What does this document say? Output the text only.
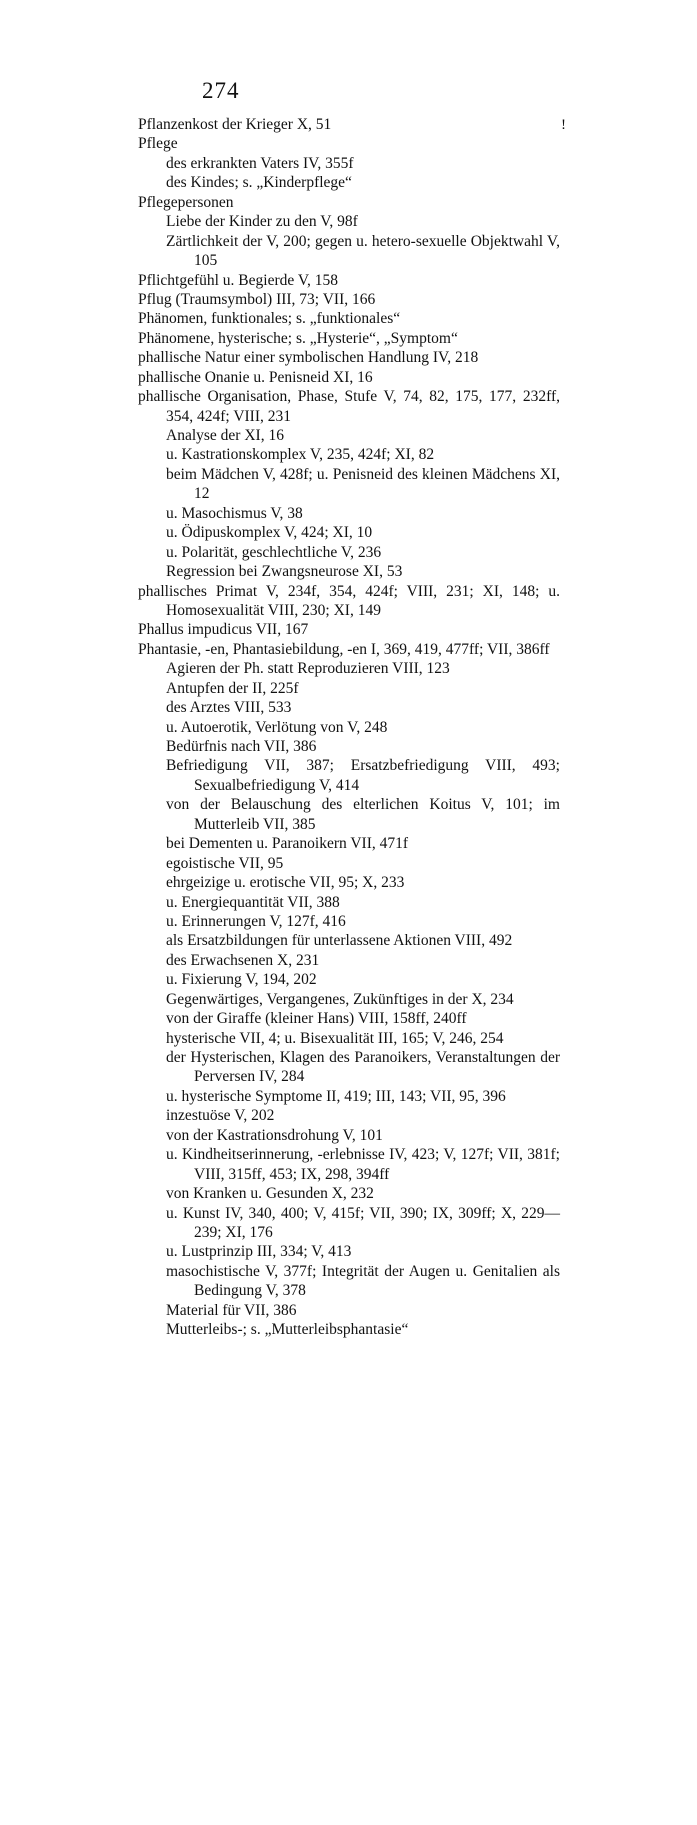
274
!
Pflanzenkost der Krieger X, 51
Pflege
des erkrankten Vaters IV, 355f
des Kindes; s. „Kinderpflege“
Pflegepersonen
Liebe der Kinder zu den V, 98f
Zärtlichkeit der V, 200; gegen u. hetero-sexuelle Objektwahl V, 105
Pflichtgefühl u. Begierde V, 158
Pflug (Traumsymbol) III, 73; VII, 166
Phänomen, funktionales; s. „funktionales“
Phänomene, hysterische; s. „Hysterie“, „Symptom“
phallische Natur einer symbolischen Handlung IV, 218
phallische Onanie u. Penisneid XI, 16
phallische Organisation, Phase, Stufe V, 74, 82, 175, 177, 232ff, 354, 424f; VIII, 231
Analyse der XI, 16
u. Kastrationskomplex V, 235, 424f; XI, 82
beim Mädchen V, 428f; u. Penisneid des kleinen Mädchens XI, 12
u. Masochismus V, 38
u. Ödipuskomplex V, 424; XI, 10
u. Polarität, geschlechtliche V, 236
Regression bei Zwangsneurose XI, 53
phallisches Primat V, 234f, 354, 424f; VIII, 231; XI, 148; u. Homosexualität VIII, 230; XI, 149
Phallus impudicus VII, 167
Phantasie, -en, Phantasiebildung, -en I, 369, 419, 477ff; VII, 386ff
Agieren der Ph. statt Reproduzieren VIII, 123
Antupfen der II, 225f
des Arztes VIII, 533
u. Autoerotik, Verlötung von V, 248
Bedürfnis nach VII, 386
Befriedigung VII, 387; Ersatzbefriedigung VIII, 493; Sexualbefriedigung V, 414
von der Belauschung des elterlichen Koitus V, 101; im Mutterleib VII, 385
bei Dementen u. Paranoikern VII, 471f
egoistische VII, 95
ehrgeizige u. erotische VII, 95; X, 233
u. Energiequantität VII, 388
u. Erinnerungen V, 127f, 416
als Ersatzbildungen für unterlassene Aktionen VIII, 492
des Erwachsenen X, 231
u. Fixierung V, 194, 202
Gegenwärtiges, Vergangenes, Zukünftiges in der X, 234
von der Giraffe (kleiner Hans) VIII, 158ff, 240ff
hysterische VII, 4; u. Bisexualität III, 165; V, 246, 254
der Hysterischen, Klagen des Paranoikers, Veranstaltungen der Perversen IV, 284
u. hysterische Symptome II, 419; III, 143; VII, 95, 396
inzestuöse V, 202
von der Kastrationsdrohung V, 101
u. Kindheitserinnerung, -erlebnisse IV, 423; V, 127f; VII, 381f; VIII, 315ff, 453; IX, 298, 394ff
von Kranken u. Gesunden X, 232
u. Kunst IV, 340, 400; V, 415f; VII, 390; IX, 309ff; X, 229—239; XI, 176
u. Lustprinzip III, 334; V, 413
masochistische V, 377f; Integrität der Augen u. Genitalien als Bedingung V, 378
Material für VII, 386
Mutterleibs-; s. „Mutterleibsphantasie“
